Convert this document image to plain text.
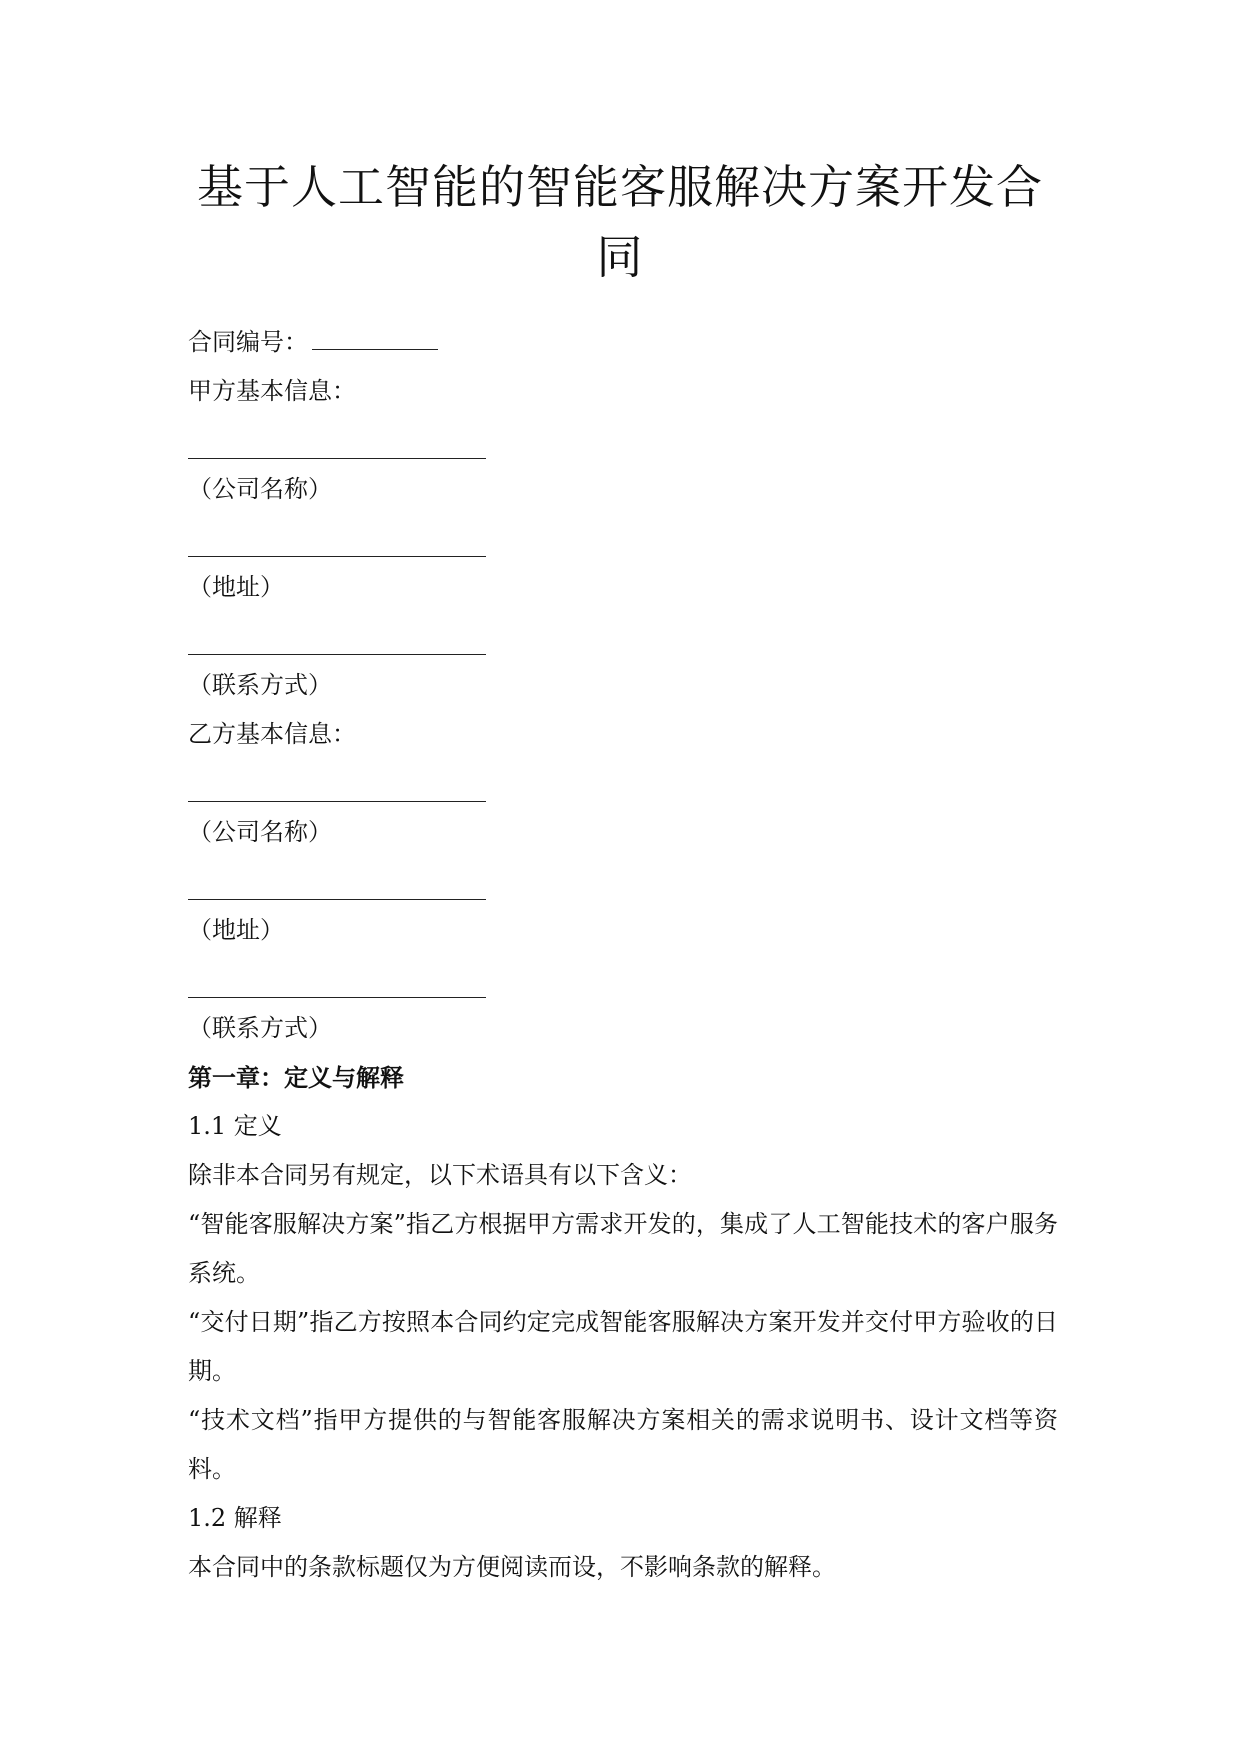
基于人工智能的智能客服解决方案开发合同

合同编号：

甲方基本信息：

（公司名称）

（地址）

（联系方式）

乙方基本信息：

（公司名称）

（地址）

（联系方式）

第一章：定义与解释

1.1 定义

除非本合同另有规定，以下术语具有以下含义：

“智能客服解决方案”指乙方根据甲方需求开发的，集成了人工智能技术的客户服务系统。

“交付日期”指乙方按照本合同约定完成智能客服解决方案开发并交付甲方验收的日期。

“技术文档”指甲方提供的与智能客服解决方案相关的需求说明书、设计文档等资料。

1.2 解释

本合同中的条款标题仅为方便阅读而设，不影响条款的解释。
